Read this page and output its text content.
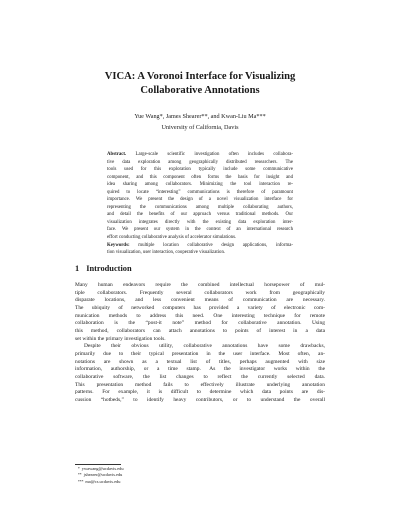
VICA: A Voronoi Interface for Visualizing
Collaborative Annotations
Yue Wang*, James Shearer**, and Kwan-Liu Ma***
University of California, Davis
Abstract. Large-scale scientific investigation often includes collabora-
tive data exploration among geographically distributed researchers. The
tools used for this exploration typically include some communicative
component, and this component often forms the basis for insight and
idea sharing among collaborators. Minimizing the tool interaction re-
quired to locate “interesting” communications is therefore of paramount
importance. We present the design of a novel visualization interface for
representing the communications among multiple collaborating authors,
and detail the benefits of our approach versus traditional methods. Our
visualization integrates directly with the existing data exploration inter-
face. We present our system in the context of an international research
effort conducting collaborative analysis of accelerator simulations.
Keywords: multiple location collaborative design applications, informa-
tion visualization, user interaction, cooperative visualization.
1 Introduction
Many human endeavors require the combined intellectual horsepower of mul-
tiple collaborators. Frequently several collaborators work from geographically
disparate locations, and less convenient means of communication are necessary.
The ubiquity of networked computers has provided a variety of electronic com-
munication methods to address this need. One interesting technique for remote
collaboration is the “post-it note” method for collaborative annotation. Using
this method, collaborators can attach annotations to points of interest in a data
set within the primary investigation tools.
Despite their obvious utility, collaborative annotations have some drawbacks,
primarily due to their typical presentation in the user interface. Most often, an-
notations are shown as a textual list of titles, perhaps augmented with size
information, authorship, or a time stamp. As the investigator works within the
collaborative software, the list changes to reflect the currently selected data.
This presentation method fails to effectively illustrate underlying annotation
patterns. For example, it is difficult to determine which data points are dis-
cussion “hotbeds,” to identify heavy contributors, or to understand the overall
* ywawang@ucdavis.edu
** jshearer@ucdavis.edu
*** ma@cs.ucdavis.edu
